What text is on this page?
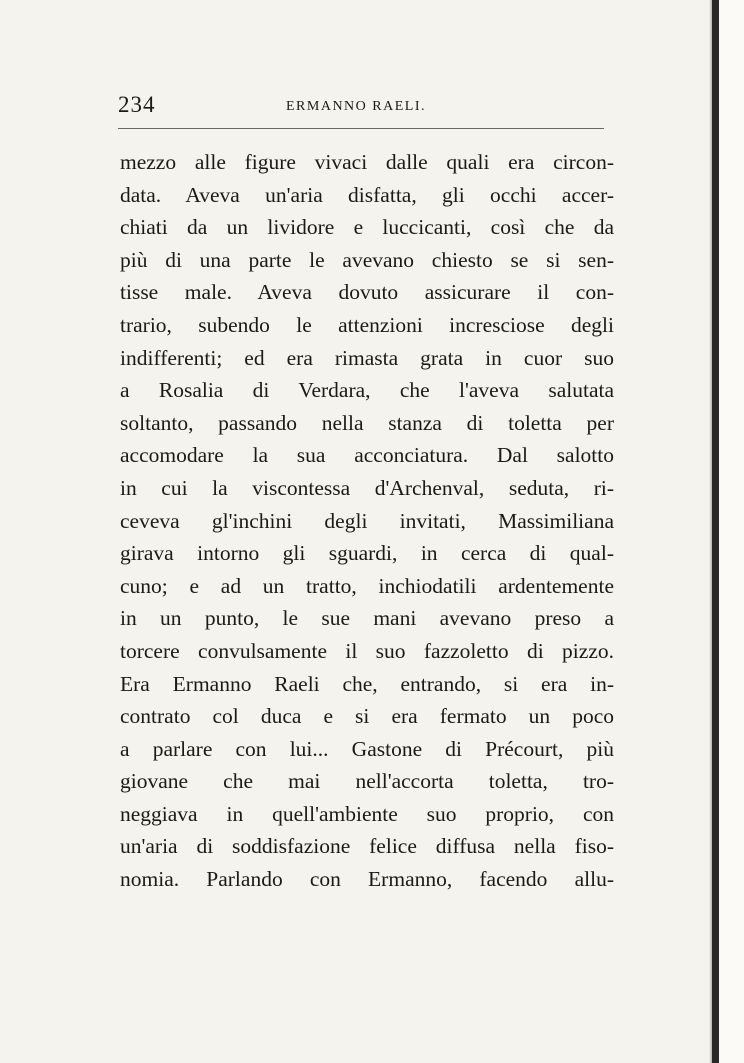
234	ERMANNO RAELI.
mezzo alle figure vivaci dalle quali era circon-
data. Aveva un'aria disfatta, gli occhi accer-
chiati da un lividore e luccicanti, così che da
più di una parte le avevano chiesto se si sen-
tisse male. Aveva dovuto assicurare il con-
trario, subendo le attenzioni incresciose degli
indifferenti; ed era rimasta grata in cuor suo
a Rosalia di Verdara, che l'aveva salutata
soltanto, passando nella stanza di toletta per
accomodare la sua acconciatura. Dal salotto
in cui la viscontessa d'Archenval, seduta, ri-
ceveva gl'inchini degli invitati, Massimiliana
girava intorno gli sguardi, in cerca di qual-
cuno; e ad un tratto, inchiodatili ardentemente
in un punto, le sue mani avevano preso a
torcere convulsamente il suo fazzoletto di pizzo.
Era Ermanno Raeli che, entrando, si era in-
contrato col duca e si era fermato un poco
a parlare con lui... Gastone di Précourt, più
giovane che mai nell'accorta toletta, tro-
neggiava in quell'ambiente suo proprio, con
un'aria di soddisfazione felice diffusa nella fiso-
nomia. Parlando con Ermanno, facendo allu-
